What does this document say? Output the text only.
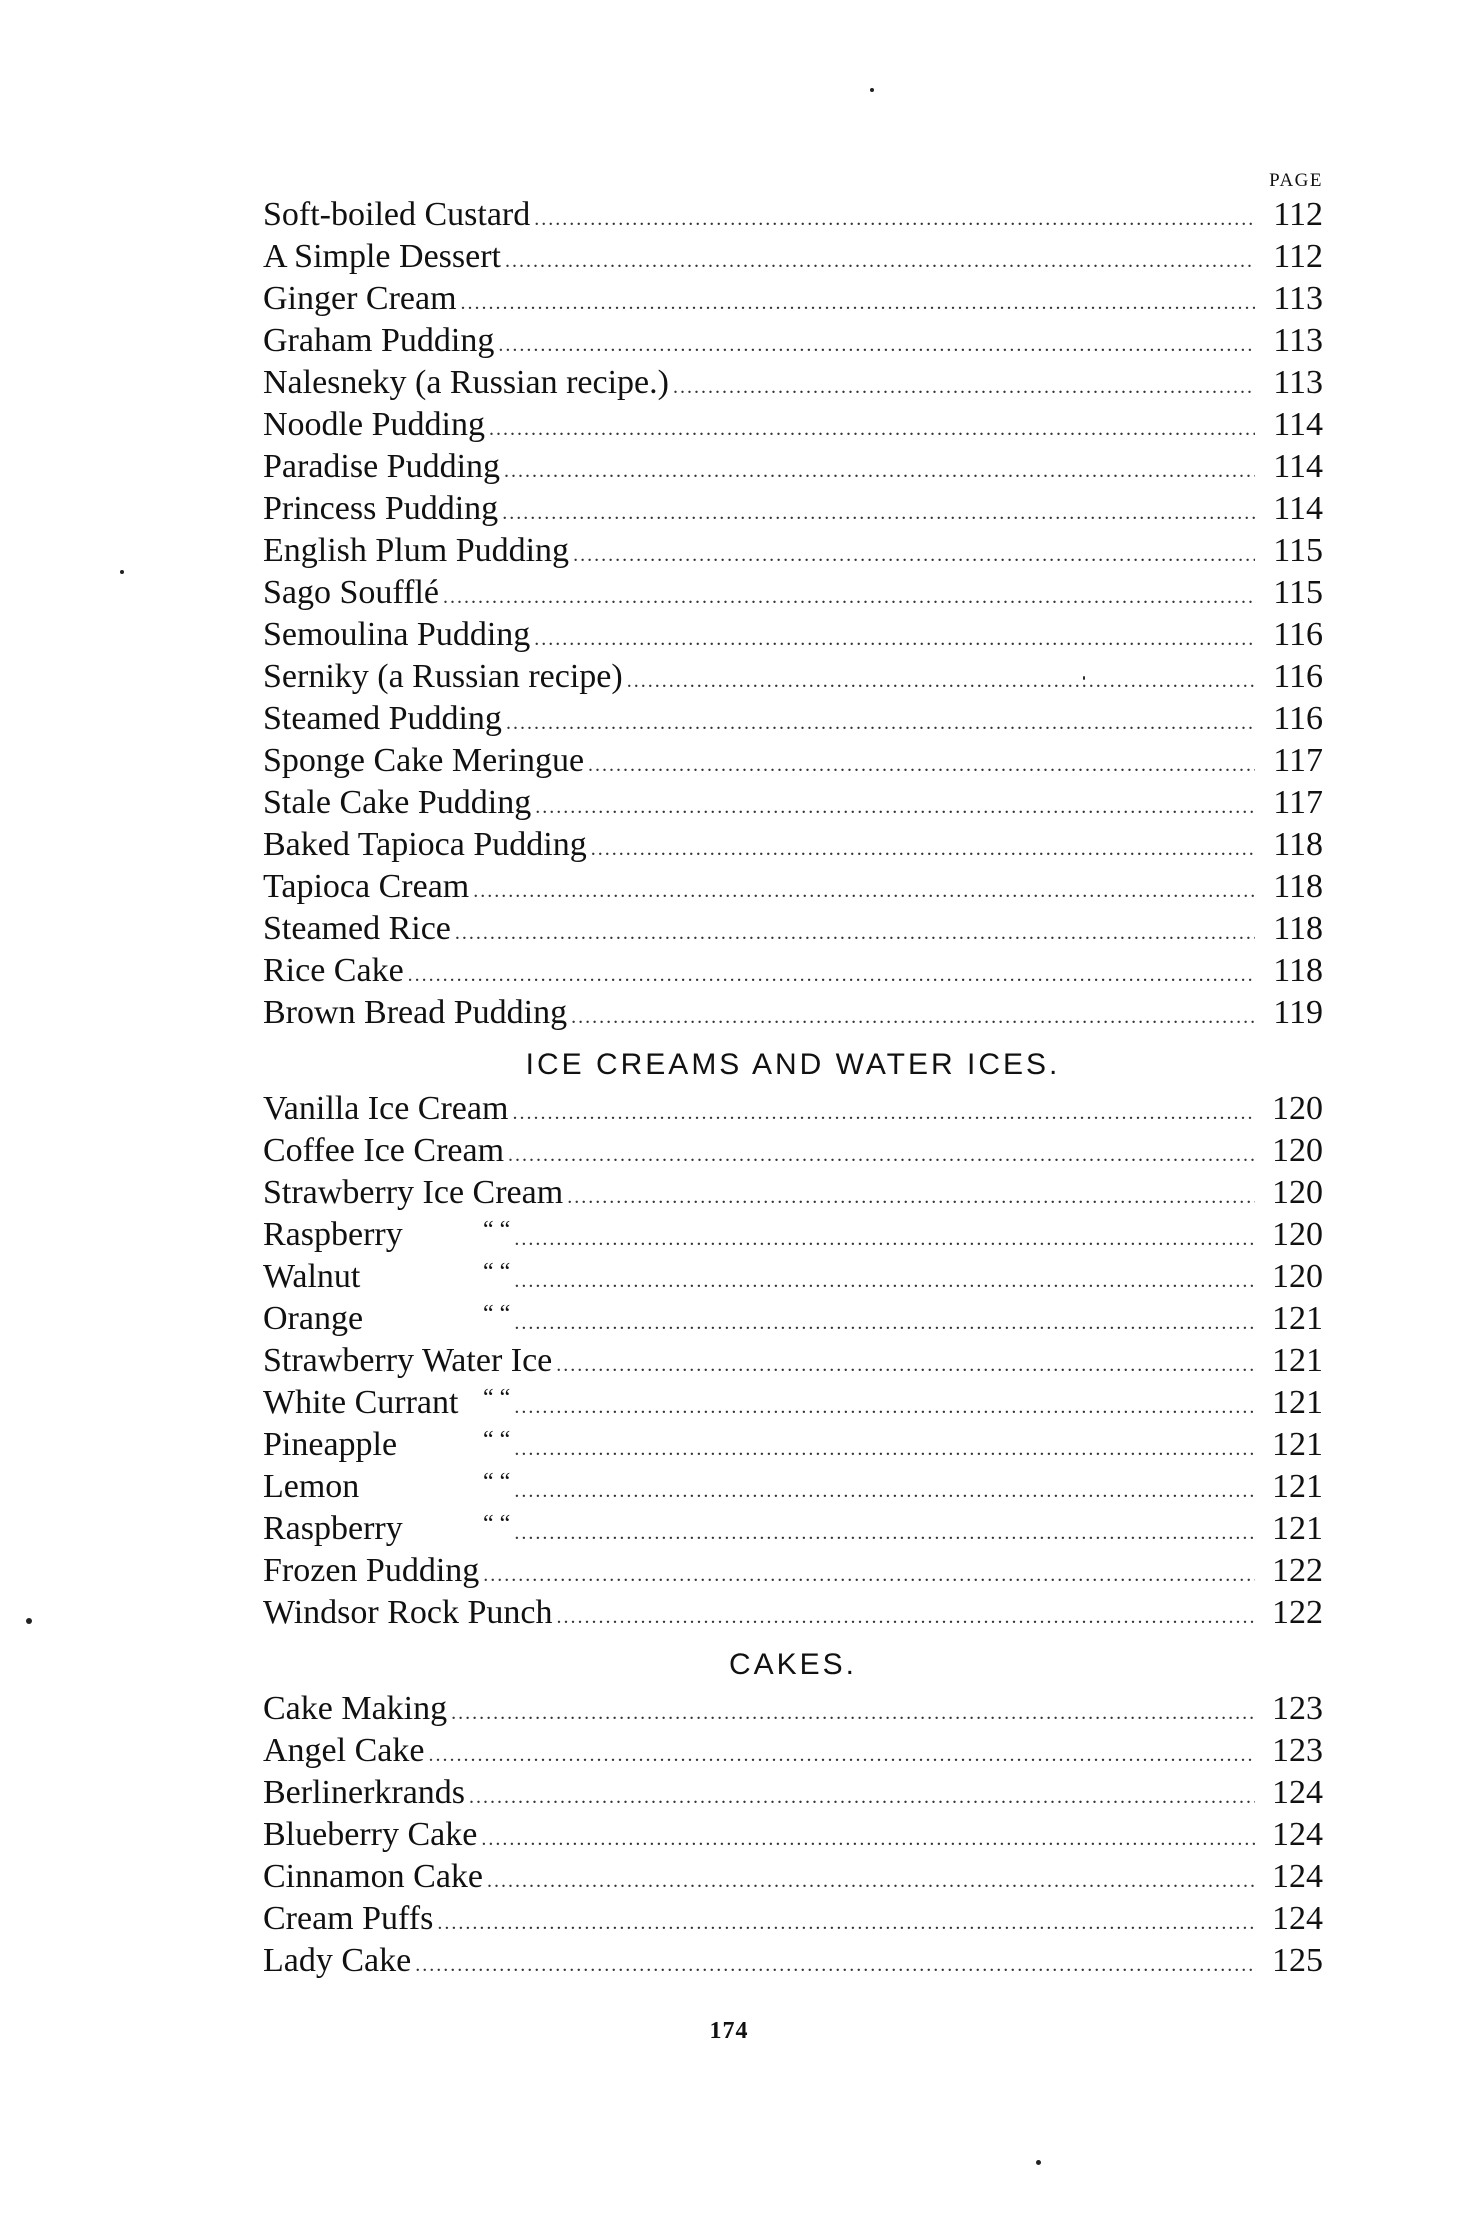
PAGE
Soft-boiled Custard .....	112
A Simple Dessert .....	112
Ginger Cream .....	113
Graham Pudding .....	113
Nalesneky (a Russian recipe.) .....	113
Noodle Pudding .....	114
Paradise Pudding .....	114
Princess Pudding .....	114
English Plum Pudding .....	115
Sago Soufflé .....	115
Semoulina Pudding .....	116
Serniky (a Russian recipe) .....	116
Steamed Pudding .....	116
Sponge Cake Meringue .....	117
Stale Cake Pudding .....	117
Baked Tapioca Pudding .....	118
Tapioca Cream .....	118
Steamed Rice .....	118
Rice Cake .....	118
Brown Bread Pudding .....	119
ICE CREAMS AND WATER ICES.
Vanilla Ice Cream .....	120
Coffee Ice Cream .....	120
Strawberry Ice Cream .....	120
Raspberry	“ “ .....	120
Walnut	“ “ .....	120
Orange	“ “ .....	121
Strawberry Water Ice .....	121
White Currant “ “ .....	121
Pineapple	“ “ .....	121
Lemon	“ “ .....	121
Raspberry	“ “ .....	121
Frozen Pudding .....	122
Windsor Rock Punch .....	122
CAKES.
Cake Making .....	123
Angel Cake .....	123
Berlinerkrands .....	124
Blueberry Cake .....	124
Cinnamon Cake .....	124
Cream Puffs .....	124
Lady Cake .....	125
174
